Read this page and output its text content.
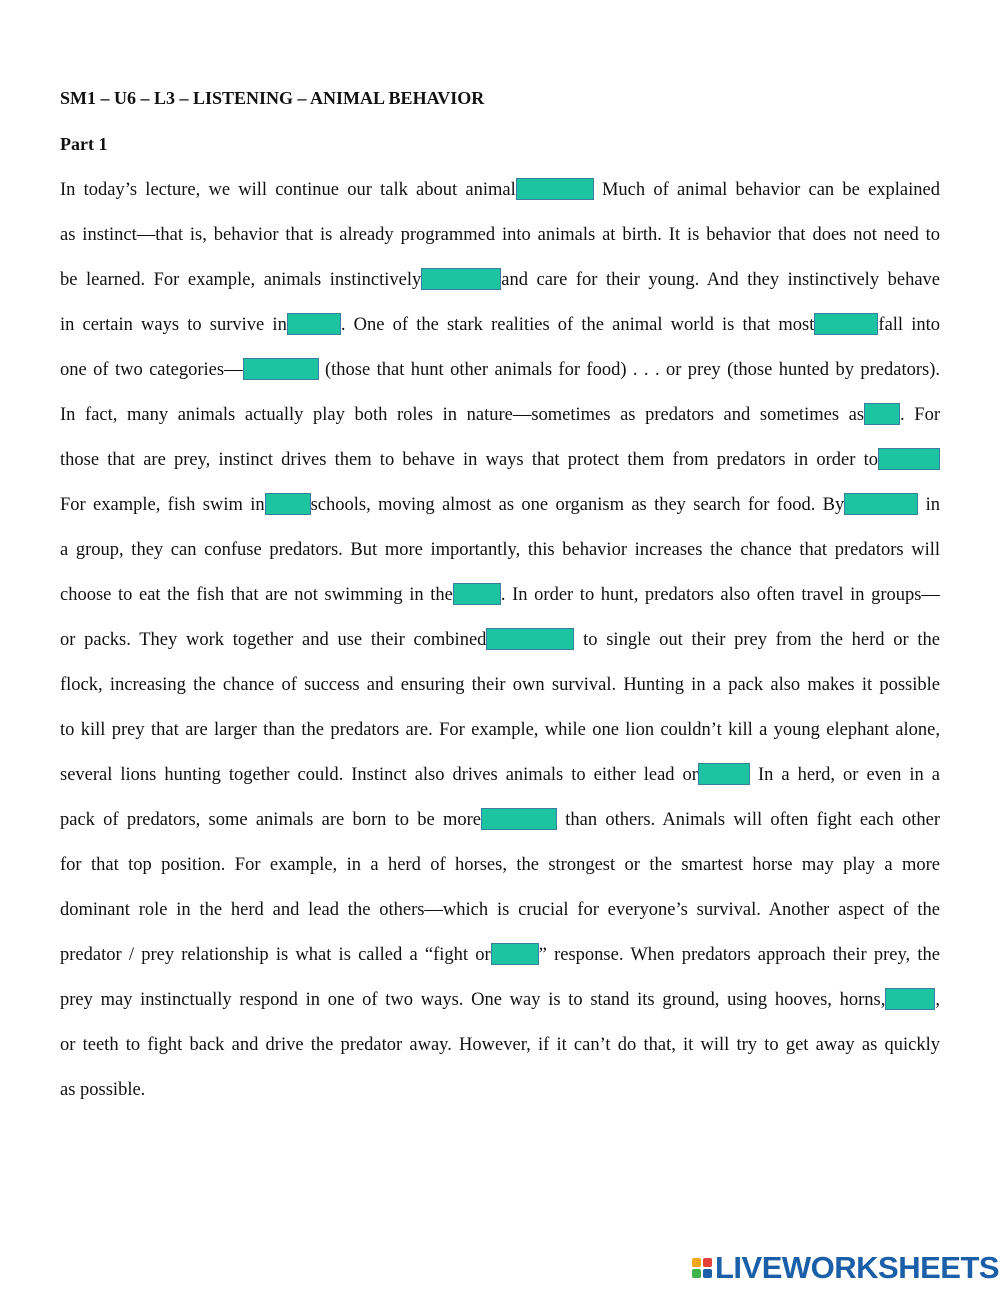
SM1 – U6 – L3 – LISTENING – ANIMAL BEHAVIOR
Part 1
In today’s lecture, we will continue our talk about animal	Much of animal behavior can be explained
as instinct—that is, behavior that is already programmed into animals at birth. It is behavior that does not need to
be learned. For example, animals instinctively	and care for their young. And they instinctively behave
in certain ways to survive in	. One of the stark realities of the animal world is that most	fall into
one of two categories—	(those that hunt other animals for food) . . . or prey (those hunted by predators).
In fact, many animals actually play both roles in nature—sometimes as predators and sometimes as . For
those that are prey, instinct drives them to behave in ways that protect them from predators in order to
For example, fish swim in schools, moving almost as one organism as they search for food. By	in
a group, they can confuse predators. But more importantly, this behavior increases the chance that predators will
choose to eat the fish that are not swimming in the	. In order to hunt, predators also often travel in groups—
or packs. They work together and use their combined	to single out their prey from the herd or the
flock, increasing the chance of success and ensuring their own survival. Hunting in a pack also makes it possible
to kill prey that are larger than the predators are. For example, while one lion couldn’t kill a young elephant alone,
several lions hunting together could. Instinct also drives animals to either lead or	In a herd, or even in a
pack of predators, some animals are born to be more	than others. Animals will often fight each other
for that top position. For example, in a herd of horses, the strongest or the smartest horse may play a more
dominant role in the herd and lead the others—which is crucial for everyone’s survival. Another aspect of the
predator / prey relationship is what is called a “fight or	” response. When predators approach their prey, the
prey may instinctually respond in one of two ways. One way is to stand its ground, using hooves, horns,	,
or teeth to fight back and drive the predator away. However, if it can’t do that, it will try to get away as quickly
as possible.
LIVEWORKSHEETS
